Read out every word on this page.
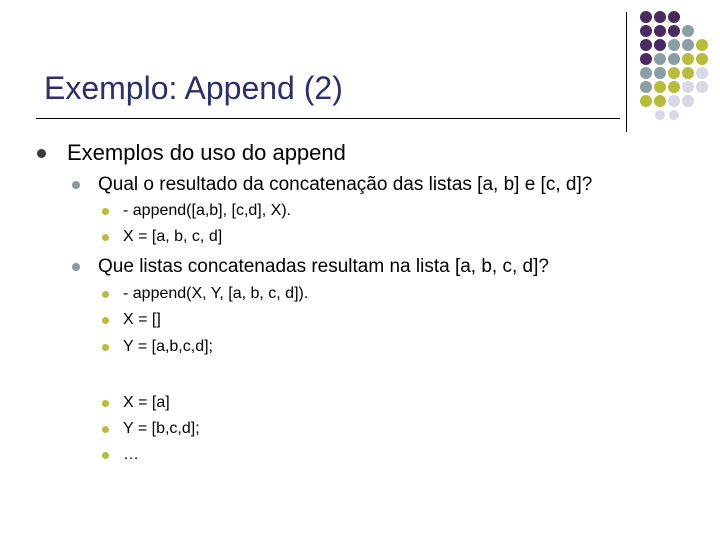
Exemplo: Append (2)
Exemplos do uso do append
Qual o resultado da concatenação das listas [a, b] e [c, d]?
- append([a,b], [c,d], X).
X = [a, b, c, d]
Que listas concatenadas resultam na lista [a, b, c, d]?
- append(X, Y, [a, b, c, d]).
X = []
Y = [a,b,c,d];
X = [a]
Y = [b,c,d];
…
